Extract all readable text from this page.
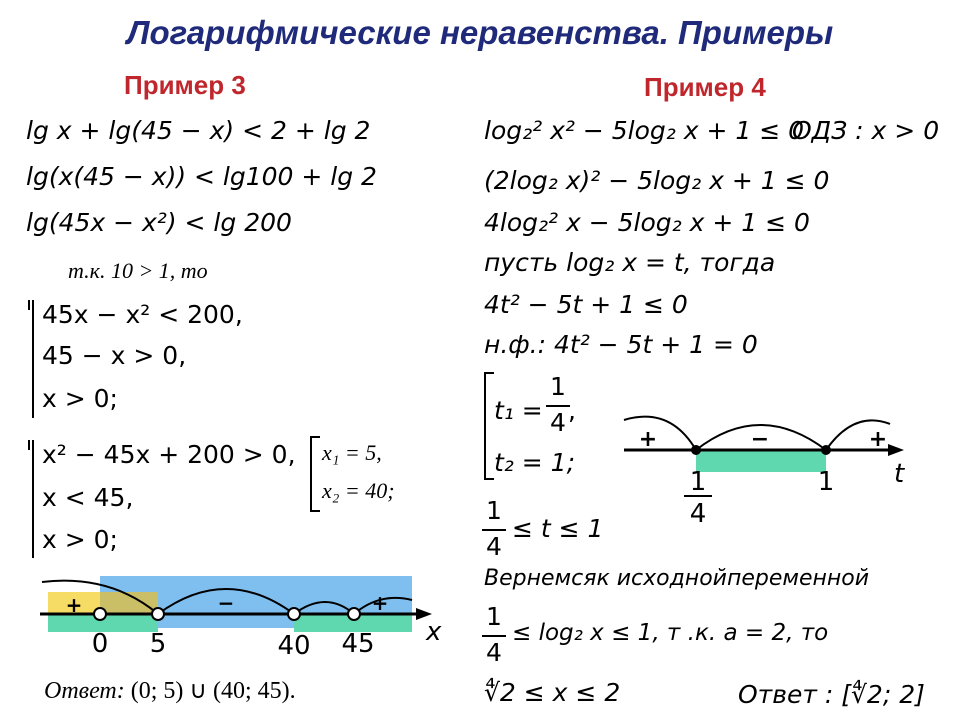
Логарифмические неравенства. Примеры
Пример 3
lg x + lg(45 − x) < 2 + lg 2
lg(x(45 − x)) < lg100 + lg 2
lg(45x − x²) < lg 200
т.к. 10 > 1, то
45x − x² < 200,
45 − x > 0,
x > 0;
x² − 45x + 200 > 0,
x < 45,
x > 0;
x₁ = 5,
x₂ = 40;
+	−	+
0 5	40 45 x
Ответ: (0; 5) ∪ (40; 45).
Пример 4
log₂² x² − 5log₂ x + 1 ≤ 0
ОДЗ : x > 0
(2log₂ x)² − 5log₂ x + 1 ≤ 0
4log₂² x − 5log₂ x + 1 ≤ 0
пусть log₂ x = t, тогда
4t² − 5t + 1 ≤ 0
н.ф.: 4t² − 5t + 1 = 0
t₁ =
1
4 ,
t₂ = 1;
+	−	+
1
4
1 t
1
4
≤ t ≤ 1
Вернемсяк исходнойпеременной
1
4
≤ log₂ x ≤ 1, т .к. a = 2, то
∜2 ≤ x ≤ 2	Ответ : [∜2; 2]
